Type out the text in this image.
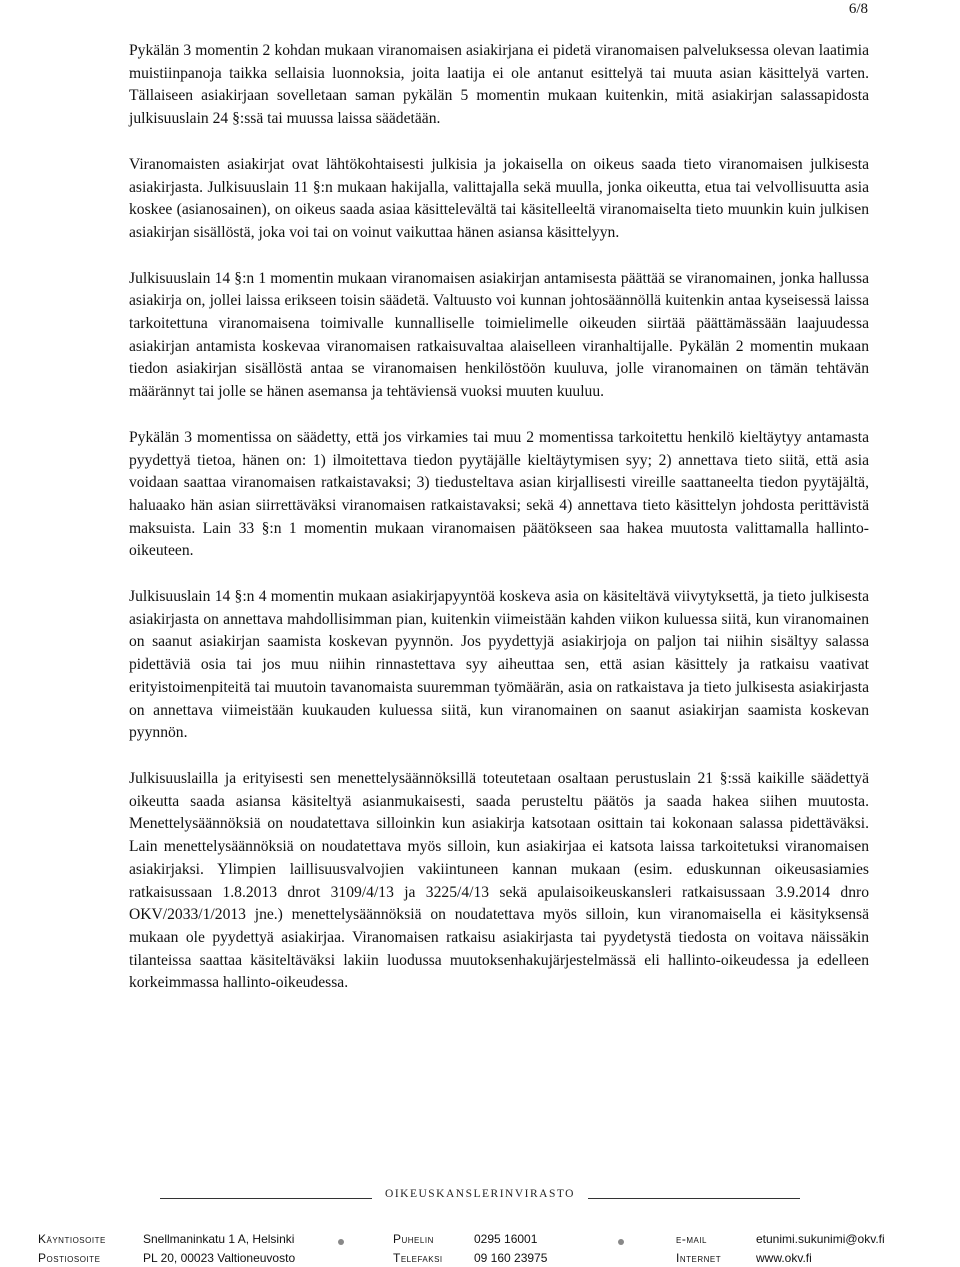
6/8

Pykälän 3 momentin 2 kohdan mukaan viranomaisen asiakirjana ei pidetä viranomaisen palveluksessa olevan laatimia muistiinpanoja taikka sellaisia luonnoksia, joita laatija ei ole antanut esittelyä tai muuta asian käsittelyä varten. Tällaiseen asiakirjaan sovelletaan saman pykälän 5 momentin mukaan kuitenkin, mitä asiakirjan salassapidosta julkisuuslain 24 §:ssä tai muussa laissa säädetään.

Viranomaisten asiakirjat ovat lähtökohtaisesti julkisia ja jokaisella on oikeus saada tieto viranomaisen julkisesta asiakirjasta. Julkisuuslain 11 §:n mukaan hakijalla, valittajalla sekä muulla, jonka oikeutta, etua tai velvollisuutta asia koskee (asianosainen), on oikeus saada asiaa käsittelevältä tai käsitelleeltä viranomaiselta tieto muunkin kuin julkisen asiakirjan sisällöstä, joka voi tai on voinut vaikuttaa hänen asiansa käsittelyyn.

Julkisuuslain 14 §:n 1 momentin mukaan viranomaisen asiakirjan antamisesta päättää se viranomainen, jonka hallussa asiakirja on, jollei laissa erikseen toisin säädetä. Valtuusto voi kunnan johtosäännöllä kuitenkin antaa kyseisessä laissa tarkoitettuna viranomaisena toimivalle kunnalliselle toimielimelle oikeuden siirtää päättämässään laajuudessa asiakirjan antamista koskevaa viranomaisen ratkaisuvaltaa alaiselleen viranhaltijalle. Pykälän 2 momentin mukaan tiedon asiakirjan sisällöstä antaa se viranomaisen henkilöstöön kuuluva, jolle viranomainen on tämän tehtävän määrännyt tai jolle se hänen asemansa ja tehtäviensä vuoksi muuten kuuluu.

Pykälän 3 momentissa on säädetty, että jos virkamies tai muu 2 momentissa tarkoitettu henkilö kieltäytyy antamasta pyydettyä tietoa, hänen on: 1) ilmoitettava tiedon pyytäjälle kieltäytymisen syy; 2) annettava tieto siitä, että asia voidaan saattaa viranomaisen ratkaistavaksi; 3) tiedusteltava asian kirjallisesti vireille saattaneelta tiedon pyytäjältä, haluaako hän asian siirrettäväksi viranomaisen ratkaistavaksi; sekä 4) annettava tieto käsittelyn johdosta perittävistä maksuista. Lain 33 §:n 1 momentin mukaan viranomaisen päätökseen saa hakea muutosta valittamalla hallinto-oikeuteen.

Julkisuuslain 14 §:n 4 momentin mukaan asiakirjapyyntöä koskeva asia on käsiteltävä viivytyksettä, ja tieto julkisesta asiakirjasta on annettava mahdollisimman pian, kuitenkin viimeistään kahden viikon kuluessa siitä, kun viranomainen on saanut asiakirjan saamista koskevan pyynnön. Jos pyydettyjä asiakirjoja on paljon tai niihin sisältyy salassa pidettäviä osia tai jos muu niihin rinnastettava syy aiheuttaa sen, että asian käsittely ja ratkaisu vaativat erityistoimenpiteitä tai muutoin tavanomaista suuremman työmäärän, asia on ratkaistava ja tieto julkisesta asiakirjasta on annettava viimeistään kuukauden kuluessa siitä, kun viranomainen on saanut asiakirjan saamista koskevan pyynnön.

Julkisuuslailla ja erityisesti sen menettelysäännöksillä toteutetaan osaltaan perustuslain 21 §:ssä kaikille säädettyä oikeutta saada asiansa käsiteltyä asianmukaisesti, saada perusteltu päätös ja saada hakea siihen muutosta. Menettelysäännöksiä on noudatettava silloinkin kun asiakirja katsotaan osittain tai kokonaan salassa pidettäväksi. Lain menettelysäännöksiä on noudatettava myös silloin, kun asiakirjaa ei katsota laissa tarkoitetuksi viranomaisen asiakirjaksi. Ylimpien laillisuusvalvojien vakiintuneen kannan mukaan (esim. eduskunnan oikeusasiamies ratkaisussaan 1.8.2013 dnrot 3109/4/13 ja 3225/4/13 sekä apulaisoikeuskansleri ratkaisussaan 3.9.2014 dnro OKV/2033/1/2013 jne.) menettelysäännöksiä on noudatettava myös silloin, kun viranomaisella ei käsityksensä mukaan ole pyydettyä asiakirjaa. Viranomaisen ratkaisu asiakirjasta tai pyydetystä tiedosta on voitava näissäkin tilanteissa saattaa käsiteltäväksi lakiin luodussa muutoksenhakujärjestelmässä eli hallinto-oikeudessa ja edelleen korkeimmassa hallinto-oikeudessa.

OIKEUSKANSLERINVIRASTO
Käyntiosoite	Snellmaninkatu 1 A, Helsinki	Puhelin	0295 16001	e-mail	etunimi.sukunimi@okv.fi
Postiosoite	PL 20, 00023 Valtioneuvosto	Telefaksi	09 160 23975	Internet	www.okv.fi
